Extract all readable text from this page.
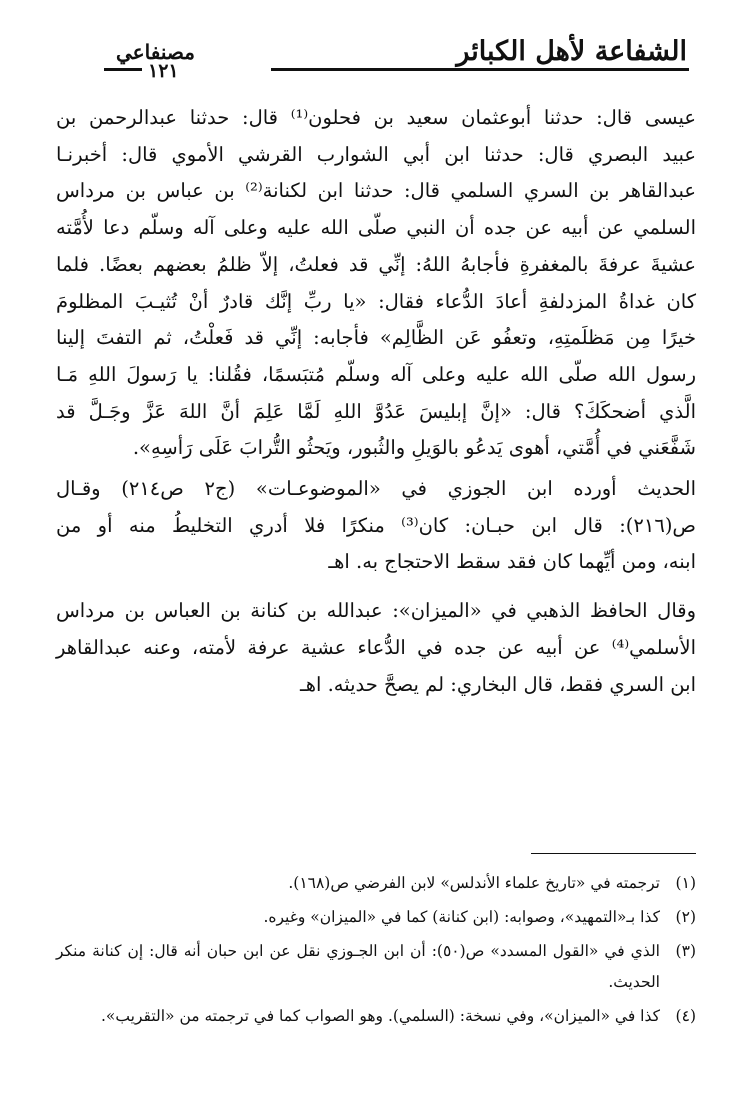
الشفاعة لأهل الكبائر
مصنفاعي
١٢١

عيسى قال: حدثنا أبوعثمان سعيد بن فحلون⁽¹⁾ قال: حدثنا عبدالرحمن بن

عبيد البصري قال: حدثنا ابن أبي الشوارب القرشي الأموي قال: أخبرنـا

عبدالقاهر بن السري السلمي قال: حدثنا ابن لكنانة⁽²⁾ بن عباس بن مرداس

السلمي عن أبيه عن جده أن النبي صلّى الله عليه وعلى آله وسلّم دعا لأُمَّته

عشيةَ عرفةَ بالمغفرةِ فأجابهُ اللهُ: إنِّي قد فعلتُ، إلاّ ظلمُ بعضهم بعضًا. فلما

كان غداةُ المزدلفةِ أعادَ الدُّعاء فقال: «يا ربِّ إنَّك قادرٌ أنْ تُثيـبَ المظلومَ

خيرًا مِن مَظلَمتِهِ، وتعفُو عَن الظَّالِم» فأجابه: إنِّي قد فَعلْتُ، ثم التفتَ إلينا

رسول الله صلّى الله عليه وعلى آله وسلّم مُتبَسمًا، فقُلنا: يا رَسولَ اللهِ مَـا

الَّذي أضحكَكَ؟ قال: «إنَّ إبليسَ عَدُوَّ اللهِ لَمَّا عَلِمَ أنَّ اللهَ عَزَّ وجَـلَّ قد

شَفَّعَني في أُمَّتي، أهوى يَدعُو بالوَيلِ والثُبور، ويَحثُو التُّرابَ عَلَى رَأسِهِ».

الحديث أورده ابن الجوزي في «الموضوعـات» (ج٢ ص٢١٤) وقـال

ص(٢١٦): قال ابن حبـان: كان⁽³⁾ منكرًا فلا أدري التخليطُ منه أو من

ابنه، ومن أيِّهما كان فقد سقط الاحتجاج به. اهـ

وقال الحافظ الذهبي في «الميزان»: عبدالله بن كنانة بن العباس بن مرداس

الأسلمي⁽⁴⁾ عن أبيه عن جده في الدُّعاء عشية عرفة لأمته، وعنه عبدالقاهر

ابن السري فقط، قال البخاري: لم يصحَّ حديثه. اهـ

(١)
ترجمته في «تاريخ علماء الأندلس» لابن الفرضي ص(١٦٨).
(٢)
كذا بـ«التمهيد»، وصوابه: (ابن كنانة) كما في «الميزان» وغيره.
(٣)
الذي في «القول المسدد» ص(٥٠): أن ابن الجـوزي نقل عن ابن حبان أنه قال: إن كنانة منكر الحديث.
(٤)
كذا في «الميزان»، وفي نسخة: (السلمي). وهو الصواب كما في ترجمته من «التقريب».
